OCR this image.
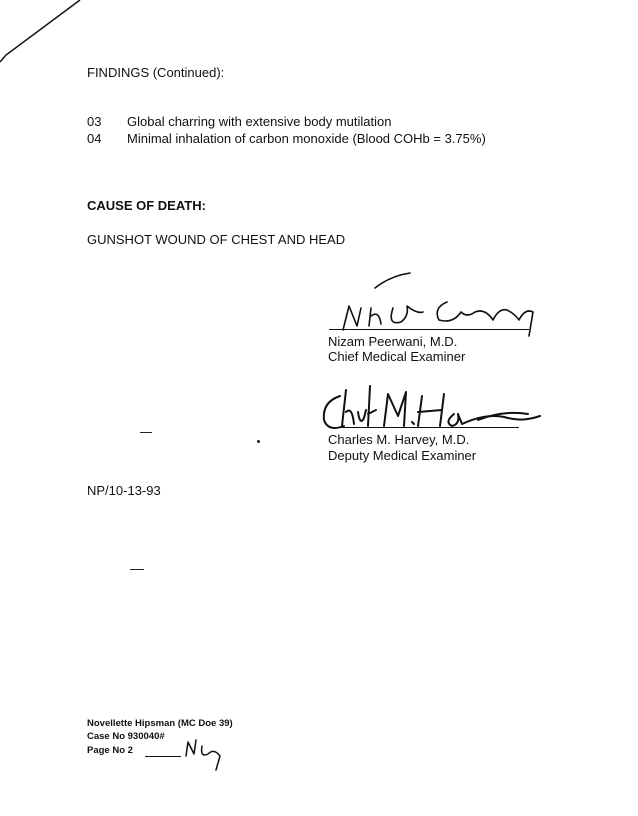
FINDINGS (Continued):
03 Global charring with extensive body mutilation
04 Minimal inhalation of carbon monoxide (Blood COHb = 3.75%)
CAUSE OF DEATH:
GUNSHOT WOUND OF CHEST AND HEAD
Nizam Peerwani, M.D.
Chief Medical Examiner
Charles M. Harvey, M.D.
Deputy Medical Examiner
NP/10-13-93
Novellette Hipsman (MC Doe 39)
Case No 930040#
Page No 2
